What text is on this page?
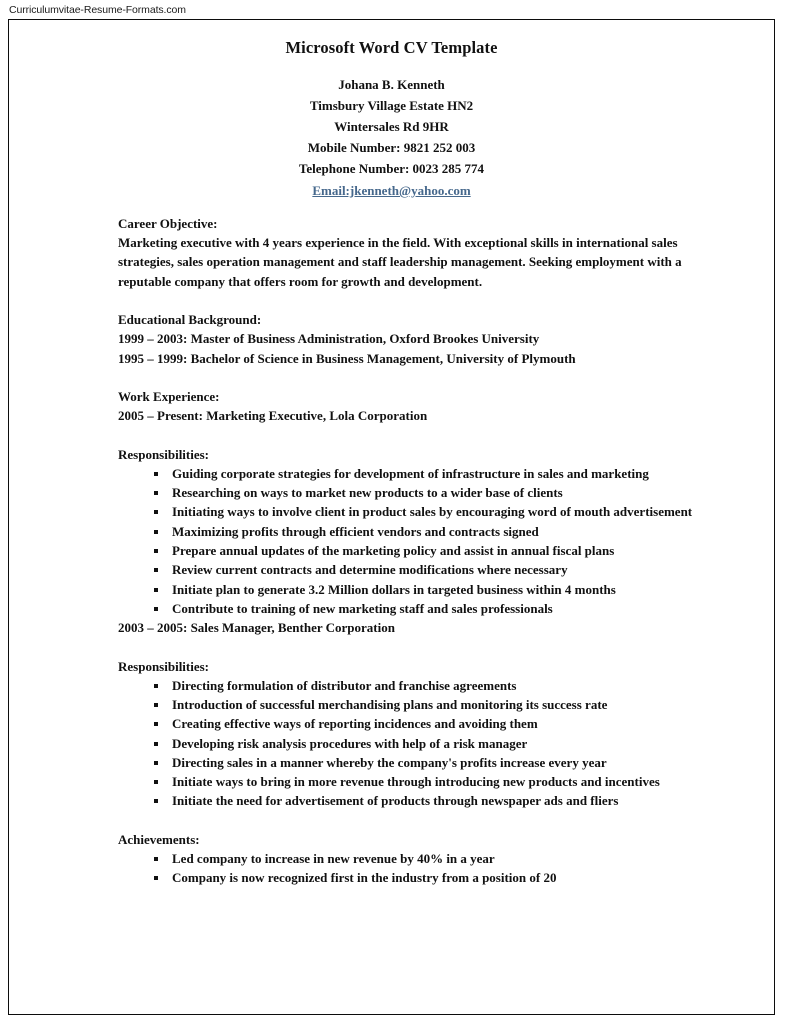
Curriculumvitae-Resume-Formats.com
Microsoft Word CV Template

Johana B. Kenneth

Timsbury Village Estate HN2

Wintersales Rd 9HR

Mobile Number: 9821 252 003

Telephone Number: 0023 285 774

Email:jkenneth@yahoo.com

Career Objective:

Marketing executive with 4 years experience in the field. With exceptional skills in international sales strategies, sales operation management and staff leadership management. Seeking employment with a reputable company that offers room for growth and development.

Educational Background:

1999 – 2003: Master of Business Administration, Oxford Brookes University

1995 – 1999: Bachelor of Science in Business Management, University of Plymouth

Work Experience:

2005 – Present: Marketing Executive, Lola Corporation

Responsibilities:

Guiding corporate strategies for development of infrastructure in sales and marketing
Researching on ways to market new products to a wider base of clients
Initiating ways to involve client in product sales by encouraging word of mouth advertisement
Maximizing profits through efficient vendors and contracts signed
Prepare annual updates of the marketing policy and assist in annual fiscal plans
Review current contracts and determine modifications where necessary
Initiate plan to generate 3.2 Million dollars in targeted business within 4 months
Contribute to training of new marketing staff and sales professionals

2003 – 2005: Sales Manager, Benther Corporation

Responsibilities:

Directing formulation of distributor and franchise agreements
Introduction of successful merchandising plans and monitoring its success rate
Creating effective ways of reporting incidences and avoiding them
Developing risk analysis procedures with help of a risk manager
Directing sales in a manner whereby the company's profits increase every year
Initiate ways to bring in more revenue through introducing new products and incentives
Initiate the need for advertisement of products through newspaper ads and fliers

Achievements:

Led company to increase in new revenue by 40% in a year
Company is now recognized first in the industry from a position of 20
